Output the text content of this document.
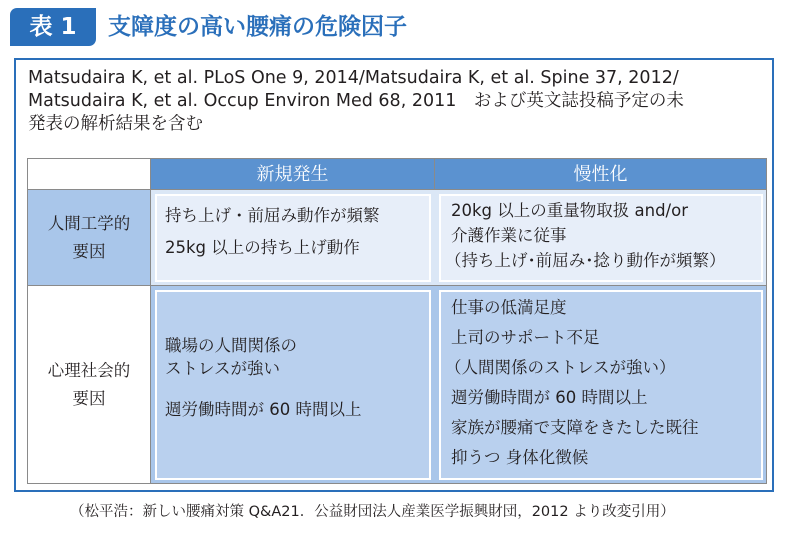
表 1	支障度の高い腰痛の危険因子
Matsudaira K, et al. PLoS One 9, 2014/Matsudaira K, et al. Spine 37, 2012/
Matsudaira K, et al. Occup Environ Med 68, 2011　および英文誌投稿予定の未
発表の解析結果を含む
新規発生	慢性化
人間工学的
要因
心理社会的
要因
持ち上げ・前屈み動作が頻繁
25kg 以上の持ち上げ動作
20kg 以上の重量物取扱 and/or
介護作業に従事
（持ち上げ･前屈み･捻り動作が頻繁）
職場の人間関係の
ストレスが強い
週労働時間が 60 時間以上
仕事の低満足度
上司のサポート不足
（人間関係のストレスが強い）
週労働時間が 60 時間以上
家族が腰痛で支障をきたした既往
抑うつ 身体化徴候
（松平浩：新しい腰痛対策 Q&A21．公益財団法人産業医学振興財団，2012 より改変引用）
